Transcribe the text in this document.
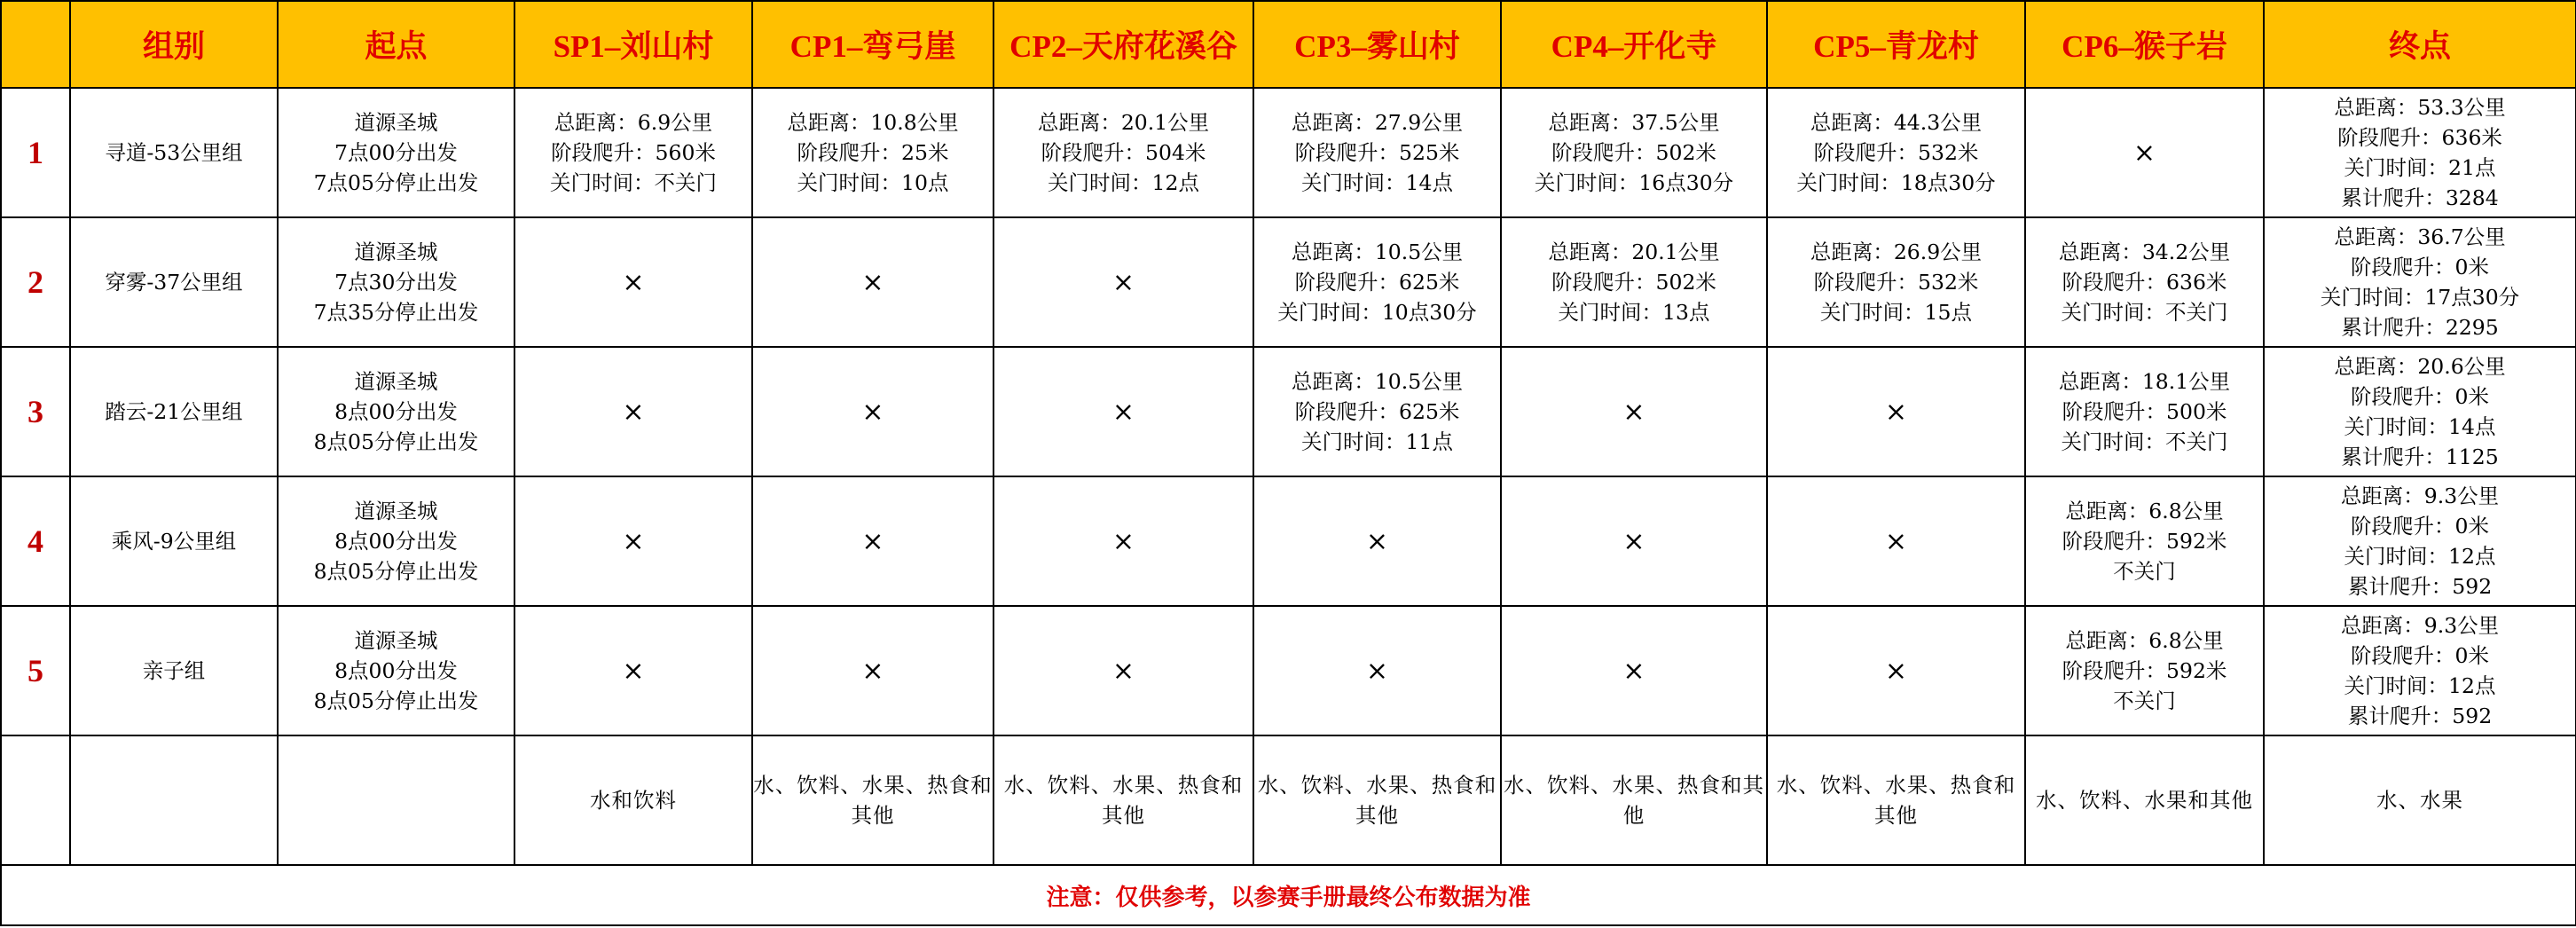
	组别	起点	SP1–刘山村	CP1–弯弓崖	CP2–天府花溪谷	CP3–雾山村	CP4–开化寺	CP5–青龙村	CP6–猴子岩	终点
1	寻道-53公里组	道源圣城
7点00分出发
7点05分停止出发	总距离：6.9公里
阶段爬升：560米
关门时间：不关门	总距离：10.8公里
阶段爬升：25米
关门时间：10点	总距离：20.1公里
阶段爬升：504米
关门时间：12点	总距离：27.9公里
阶段爬升：525米
关门时间：14点	总距离：37.5公里
阶段爬升：502米
关门时间：16点30分	总距离：44.3公里
阶段爬升：532米
关门时间：18点30分	×	总距离：53.3公里
阶段爬升：636米
关门时间：21点
累计爬升：3284
2	穿雾-37公里组	道源圣城
7点30分出发
7点35分停止出发	×	×	×	总距离：10.5公里
阶段爬升：625米
关门时间：10点30分	总距离：20.1公里
阶段爬升：502米
关门时间：13点	总距离：26.9公里
阶段爬升：532米
关门时间：15点	总距离：34.2公里
阶段爬升：636米
关门时间：不关门	总距离：36.7公里
阶段爬升：0米
关门时间：17点30分
累计爬升：2295
3	踏云-21公里组	道源圣城
8点00分出发
8点05分停止出发	×	×	×	总距离：10.5公里
阶段爬升：625米
关门时间：11点	×	×	总距离：18.1公里
阶段爬升：500米
关门时间：不关门	总距离：20.6公里
阶段爬升：0米
关门时间：14点
累计爬升：1125
4	乘风-9公里组	道源圣城
8点00分出发
8点05分停止出发	×	×	×	×	×	×	总距离：6.8公里
阶段爬升：592米
不关门	总距离：9.3公里
阶段爬升：0米
关门时间：12点
累计爬升：592
5	亲子组	道源圣城
8点00分出发
8点05分停止出发	×	×	×	×	×	×	总距离：6.8公里
阶段爬升：592米
不关门	总距离：9.3公里
阶段爬升：0米
关门时间：12点
累计爬升：592
			水和饮料	水、饮料、水果、热食和其他	水、饮料、水果、热食和其他	水、饮料、水果、热食和其他	水、饮料、水果、热食和其他	水、饮料、水果、热食和其他	水、饮料、水果和其他	水、水果
注意：仅供参考，以参赛手册最终公布数据为准										
